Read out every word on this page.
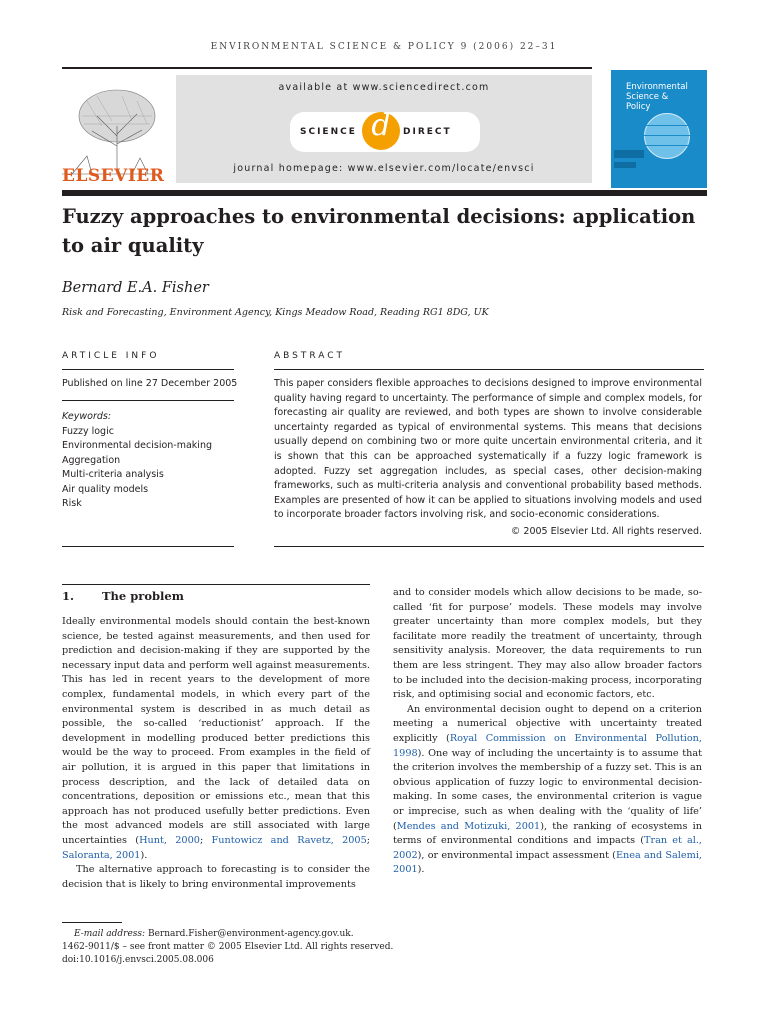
ENVIRONMENTAL SCIENCE & POLICY 9 (2006) 22–31
ELSEVIER
available at www.sciencedirect.com
SCIENCE d	DIRECT
journal homepage: www.elsevier.com/locate/envsci
Environmental
Science &
Policy
Fuzzy approaches to environmental decisions: application
to air quality
Bernard E.A. Fisher
Risk and Forecasting, Environment Agency, Kings Meadow Road, Reading RG1 8DG, UK
ARTICLE INFO
Published on line 27 December 2005
Keywords:
Fuzzy logic
Environmental decision-making
Aggregation
Multi-criteria analysis
Air quality models
Risk
ABSTRACT
This paper considers flexible approaches to decisions designed to improve environmental quality having regard to uncertainty. The performance of simple and complex models, for forecasting air quality are reviewed, and both types are shown to involve considerable uncertainty regarded as typical of environmental systems. This means that decisions usually depend on combining two or more quite uncertain environmental criteria, and it is shown that this can be approached systematically if a fuzzy logic framework is adopted. Fuzzy set aggregation includes, as special cases, other decision-making frameworks, such as multi-criteria analysis and conventional probability based methods. Examples are presented of how it can be applied to situations involving models and used to incorporate broader factors involving risk, and socio-economic considerations.
© 2005 Elsevier Ltd. All rights reserved.
1. The problem

Ideally environmental models should contain the best-known science, be tested against measurements, and then used for prediction and decision-making if they are supported by the necessary input data and perform well against measurements. This has led in recent years to the development of more complex, fundamental models, in which every part of the environmental system is described in as much detail as possible, the so-called ‘reductionist’ approach. If the development in modelling produced better predictions this would be the way to proceed. From examples in the field of air pollution, it is argued in this paper that limitations in process description, and the lack of detailed data on concentrations, deposition or emissions etc., mean that this approach has not produced usefully better predictions. Even the most advanced models are still associated with large uncertainties (Hunt, 2000; Funtowicz and Ravetz, 2005; Saloranta, 2001).

The alternative approach to forecasting is to consider the decision that is likely to bring environmental improvements

and to consider models which allow decisions to be made, so-called ‘fit for purpose’ models. These models may involve greater uncertainty than more complex models, but they facilitate more readily the treatment of uncertainty, through sensitivity analysis. Moreover, the data requirements to run them are less stringent. They may also allow broader factors to be included into the decision-making process, incorporating risk, and optimising social and economic factors, etc.

An environmental decision ought to depend on a criterion meeting a numerical objective with uncertainty treated explicitly (Royal Commission on Environmental Pollution, 1998). One way of including the uncertainty is to assume that the criterion involves the membership of a fuzzy set. This is an obvious application of fuzzy logic to environmental decision-making. In some cases, the environmental criterion is vague or imprecise, such as when dealing with the ‘quality of life’ (Mendes and Motizuki, 2001), the ranking of ecosystems in terms of environmental conditions and impacts (Tran et al., 2002), or environmental impact assessment (Enea and Salemi, 2001).

E-mail address: Bernard.Fisher@environment-agency.gov.uk.
1462-9011/$ – see front matter © 2005 Elsevier Ltd. All rights reserved.
doi:10.1016/j.envsci.2005.08.006
